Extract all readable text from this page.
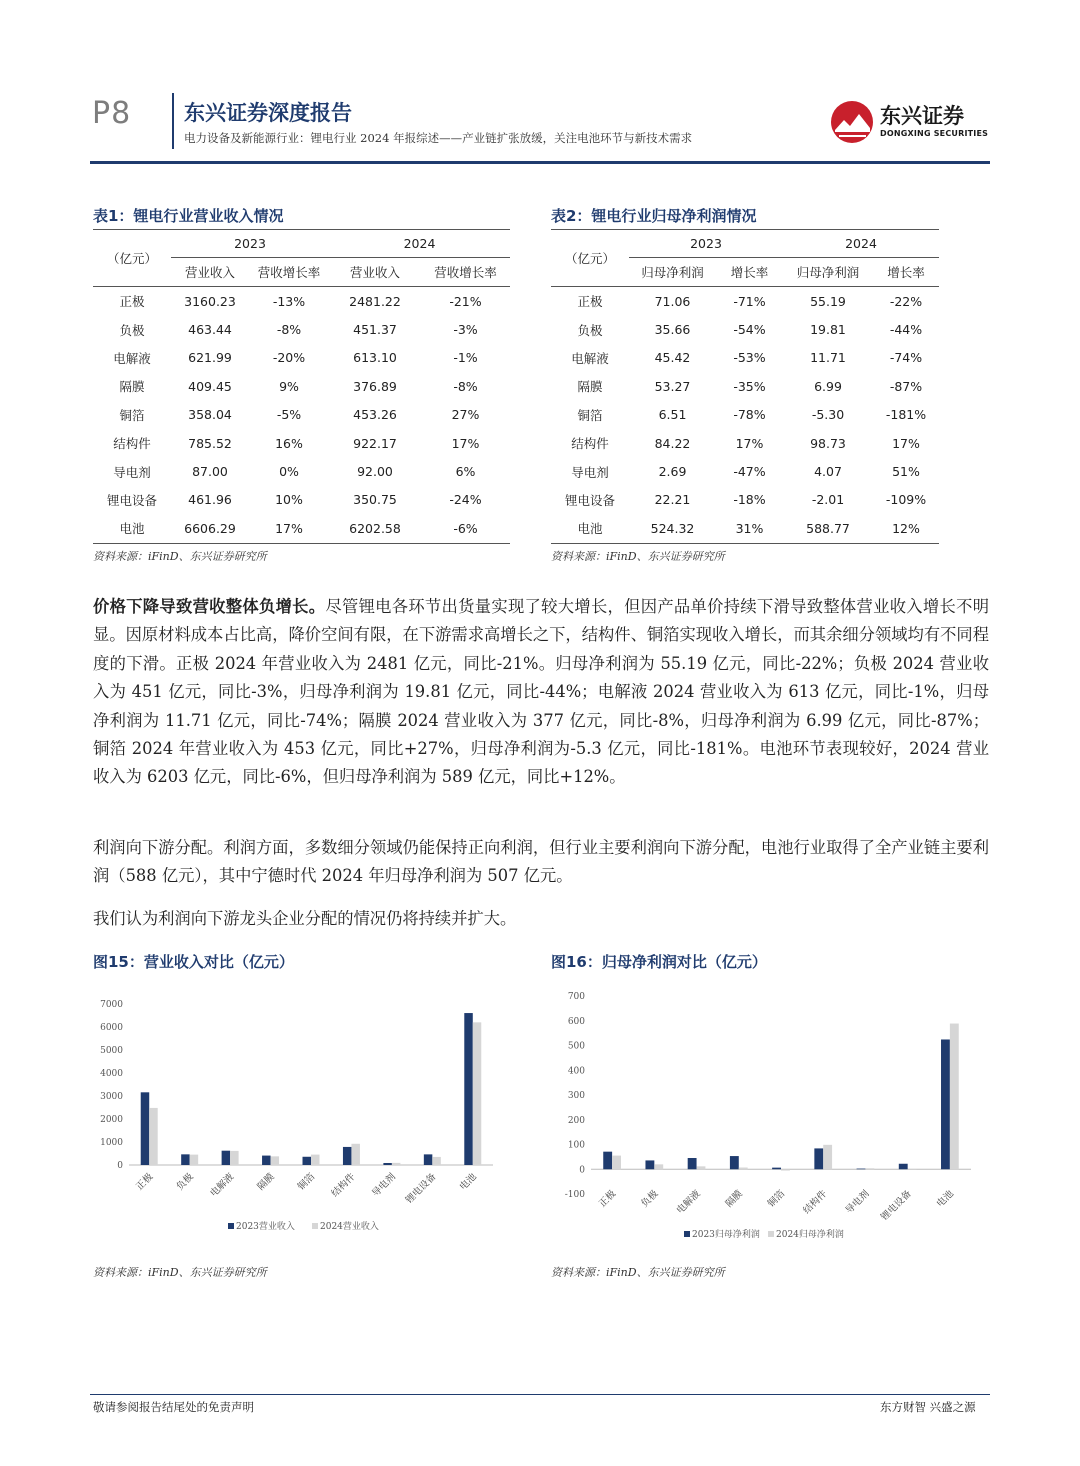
P8	东兴证券深度报告
电力设备及新能源行业：锂电行业 2024 年报综述——产业链扩张放缓，关注电池环节与新技术需求
东兴证券
DONGXING SECURITIES
表1：锂电行业营业收入情况
（亿元）	2023		2024	
	营业收入	营收增长率	营业收入	营收增长率
正极	3160.23	-13%	2481.22	-21%
负极	463.44	-8%	451.37	-3%
电解液	621.99	-20%	613.10	-1%
隔膜	409.45	9%	376.89	-8%
铜箔	358.04	-5%	453.26	27%
结构件	785.52	16%	922.17	17%
导电剂	87.00	0%	92.00	6%
锂电设备	461.96	10%	350.75	-24%
电池	6606.29	17%	6202.58	-6%
资料来源：iFinD、东兴证券研究所
表2：锂电行业归母净利润情况
（亿元）	2023		2024	
	归母净利润	增长率	归母净利润	增长率
正极	71.06	-71%	55.19	-22%
负极	35.66	-54%	19.81	-44%
电解液	45.42	-53%	11.71	-74%
隔膜	53.27	-35%	6.99	-87%
铜箔	6.51	-78%	-5.30	-181%
结构件	84.22	17%	98.73	17%
导电剂	2.69	-47%	4.07	51%
锂电设备	22.21	-18%	-2.01	-109%
电池	524.32	31%	588.77	12%
资料来源：iFinD、东兴证券研究所
价格下降导致营收整体负增长。尽管锂电各环节出货量实现了较大增长，但因产品单价持续下滑导致整体营业收入增长不明显。因原材料成本占比高，降价空间有限，在下游需求高增长之下，结构件、铜箔实现收入增长，而其余细分领域均有不同程度的下滑。正极 2024 年营业收入为 2481 亿元，同比-21%。归母净利润为 55.19 亿元，同比-22%；负极 2024 营业收入为 451 亿元，同比-3%，归母净利润为 19.81 亿元，同比-44%；电解液 2024 营业收入为 613 亿元，同比-1%，归母净利润为 11.71 亿元，同比-74%；隔膜 2024 营业收入为 377 亿元，同比-8%，归母净利润为 6.99 亿元，同比-87%；铜箔 2024 年营业收入为 453 亿元，同比+27%，归母净利润为-5.3 亿元，同比-181%。电池环节表现较好，2024 营业收入为 6203 亿元，同比-6%，但归母净利润为 589 亿元，同比+12%。
利润向下游分配。利润方面，多数细分领域仍能保持正向利润，但行业主要利润向下游分配，电池行业取得了全产业链主要利润（588 亿元），其中宁德时代 2024 年归母净利润为 507 亿元。
我们认为利润向下游龙头企业分配的情况仍将持续并扩大。
图15：营业收入对比（亿元）
0
1000
2000
3000
4000
5000
6000
7000
正极 负极 电解液 隔膜 铜箔 结构件 导电剂 锂电设备 电池
2023营业收入	2024营业收入
资料来源：iFinD、东兴证券研究所
图16：归母净利润对比（亿元）
-100
0
100
200
300
400
500
600
700
正极 负极 电解液 隔膜 铜箔 结构件 导电剂 锂电设备 电池
2023归母净利润 2024归母净利润
资料来源：iFinD、东兴证券研究所
敬请参阅报告结尾处的免责声明	东方财智 兴盛之源
